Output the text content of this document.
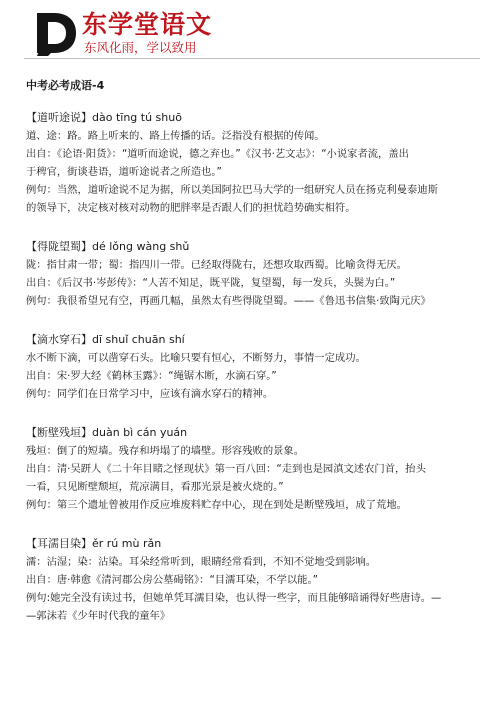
东学堂语文
东风化雨，学以致用
中考必考成语-4
【道听途说】dào tīng tú shuō
道、途：路。路上听来的、路上传播的话。泛指没有根据的传闻。
出自：《论语·阳货》：“道听而途说，德之弃也。”《汉书·艺文志》：“小说家者流，盖出
于稗官，街谈巷语，道听途说者之所造也。”
例句：当然，道听途说不足为据，所以美国阿拉巴马大学的一组研究人员在扬克利曼泰迪斯
的领导下，决定核对核对动物的肥胖率是否跟人们的担忧趋势确实相符。
【得陇望蜀】dé lǒng wàng shǔ
陇：指甘肃一带；蜀：指四川一带。已经取得陇右，还想攻取西蜀。比喻贪得无厌。
出自：《后汉书·岑彭传》：“人苦不知足，既平陇，复望蜀，每一发兵，头鬓为白。”
例句：我很希望兄有空，再画几幅，虽然太有些得陇望蜀。——《鲁迅书信集·致陶元庆》
【滴水穿石】dī shuǐ chuān shí
水不断下滴，可以凿穿石头。比喻只要有恒心，不断努力，事情一定成功。
出自：宋·罗大经《鹤林玉露》：“绳锯木断，水滴石穿。”
例句：同学们在日常学习中，应该有滴水穿石的精神。
【断壁残垣】duàn bì cán yuán
残垣：倒了的短墙。残存和坍塌了的墙壁。形容残败的景象。
出自：清·吴趼人《二十年目睹之怪现状》第一百八回：“走到也是园滇文述农门首，抬头
一看，只见断壁颓垣，荒凉满目，看那光景是被火烧的。”
例句：第三个遗址曾被用作反应堆废料贮存中心，现在到处是断壁残垣，成了荒地。
【耳濡目染】ěr rú mù rǎn
濡：沾湿；染：沾染。耳朵经常听到，眼睛经常看到，不知不觉地受到影响。
出自：唐·韩愈《清河郡公房公墓碣铭》：“目濡耳染，不学以能。”
例句:她完全没有读过书，但她单凭耳濡目染，也认得一些字，而且能够暗诵得好些唐诗。—
—郭沫若《少年时代我的童年》
